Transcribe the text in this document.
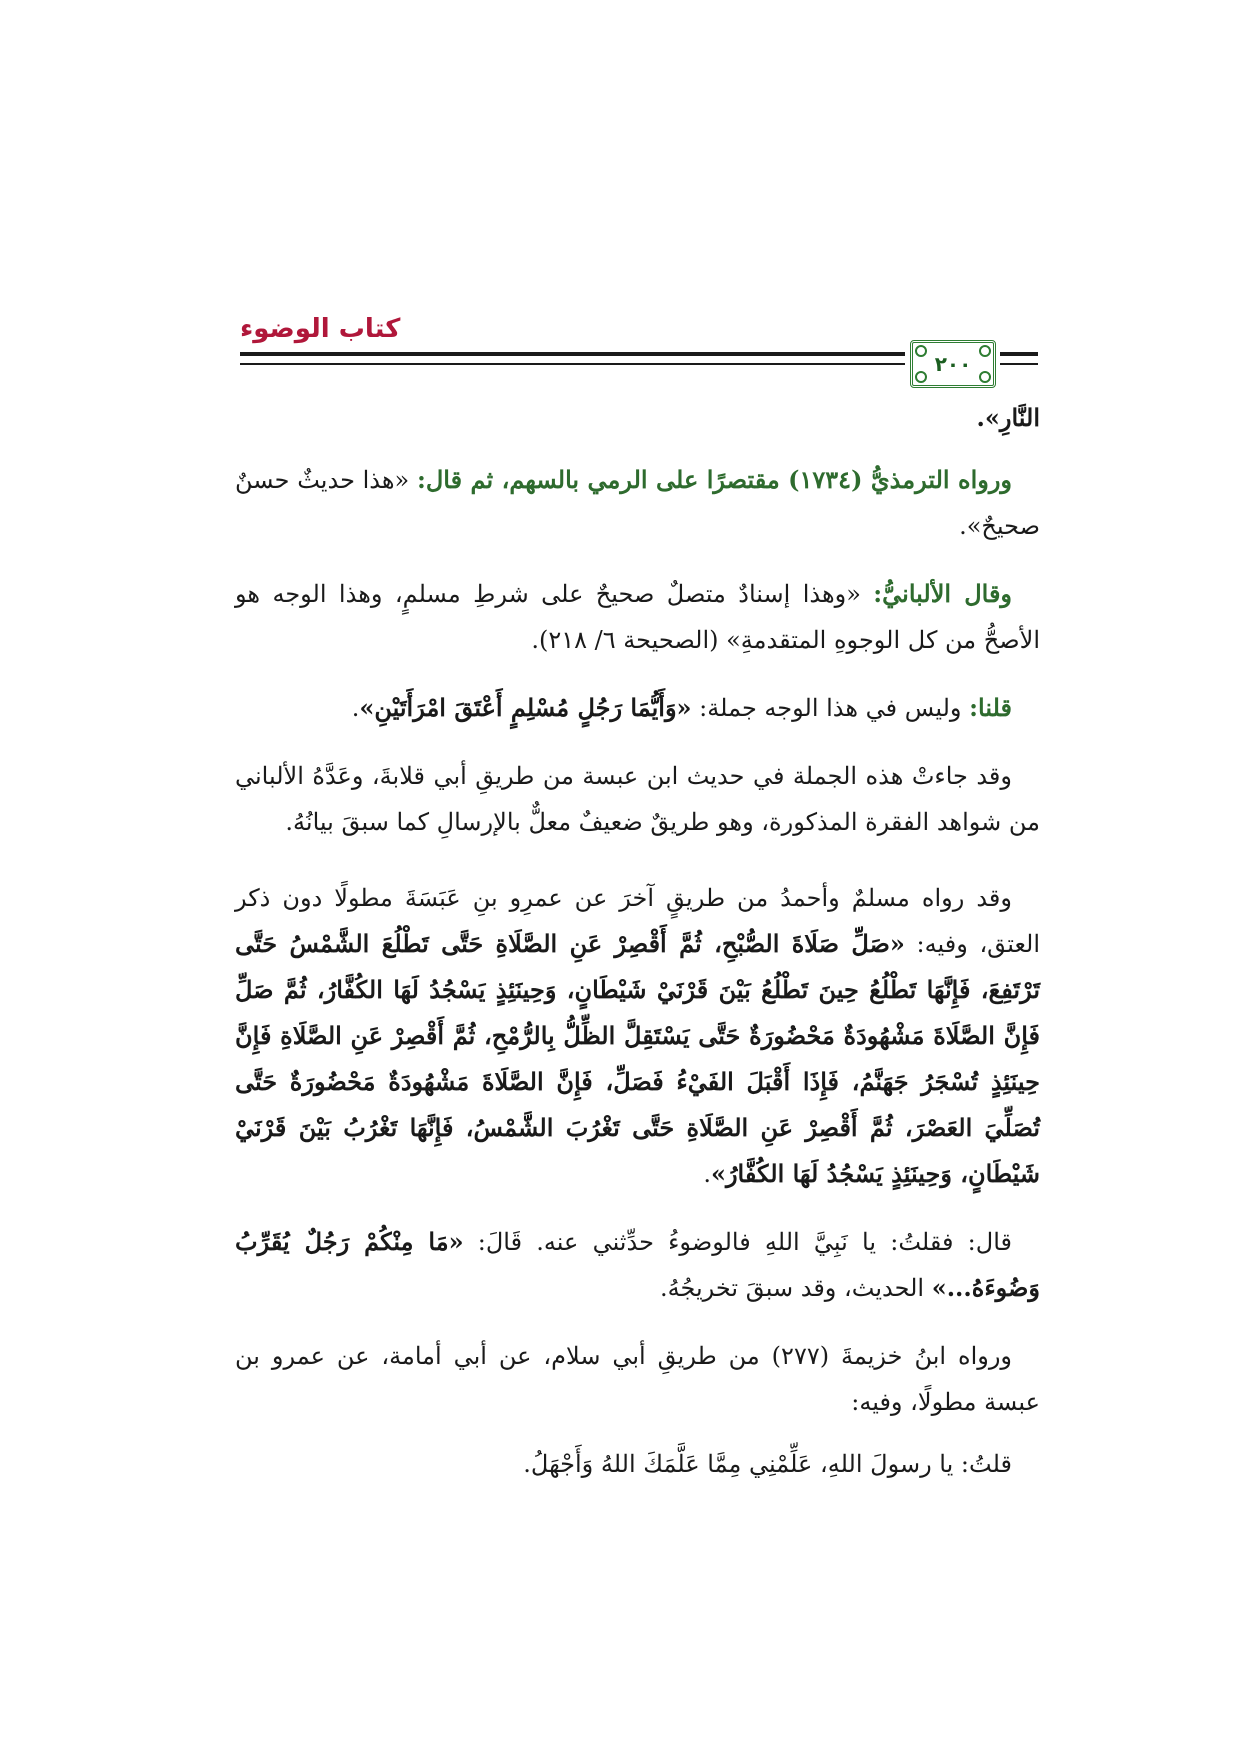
كتاب الوضوء
٢٠٠

النَّارِ».

ورواه الترمذيُّ (١٧٣٤) مقتصرًا على الرمي بالسهم، ثم قال: «هذا حديثٌ حسنٌ صحيحٌ».

وقال الألبانيُّ: «وهذا إسنادٌ متصلٌ صحيحٌ على شرطِ مسلمٍ، وهذا الوجه هو الأصحُّ من كل الوجوهِ المتقدمةِ» (الصحيحة ٦/ ٢١٨).

قلنا: وليس في هذا الوجه جملة: «وَأَيُّمَا رَجُلٍ مُسْلِمٍ أَعْتَقَ امْرَأَتَيْنِ».

وقد جاءتْ هذه الجملة في حديث ابن عبسة من طريقِ أبي قلابةَ، وعَدَّهُ الألباني من شواهد الفقرة المذكورة، وهو طريقٌ ضعيفٌ معلٌّ بالإرسالِ كما سبقَ بيانُهُ.

وقد رواه مسلمٌ وأحمدُ من طريقٍ آخرَ عن عمرِو بنِ عَبَسَةَ مطولًا دون ذكر العتق، وفيه: «صَلِّ صَلَاةَ الصُّبْحِ، ثُمَّ أَقْصِرْ عَنِ الصَّلَاةِ حَتَّى تَطْلُعَ الشَّمْسُ حَتَّى تَرْتَفِعَ، فَإِنَّهَا تَطْلُعُ حِينَ تَطْلُعُ بَيْنَ قَرْنَيْ شَيْطَانٍ، وَحِينَئِذٍ يَسْجُدُ لَهَا الكُفَّارُ، ثُمَّ صَلِّ فَإِنَّ الصَّلَاةَ مَشْهُودَةٌ مَحْضُورَةٌ حَتَّى يَسْتَقِلَّ الظِّلُّ بِالرُّمْحِ، ثُمَّ أَقْصِرْ عَنِ الصَّلَاةِ فَإِنَّ حِينَئِذٍ تُسْجَرُ جَهَنَّمُ، فَإِذَا أَقْبَلَ الفَيْءُ فَصَلِّ، فَإِنَّ الصَّلَاةَ مَشْهُودَةٌ مَحْضُورَةٌ حَتَّى تُصَلِّيَ العَصْرَ، ثُمَّ أَقْصِرْ عَنِ الصَّلَاةِ حَتَّى تَغْرُبَ الشَّمْسُ، فَإِنَّهَا تَغْرُبُ بَيْنَ قَرْنَيْ شَيْطَانٍ، وَحِينَئِذٍ يَسْجُدُ لَهَا الكُفَّارُ».

قال: فقلتُ: يا نَبِيَّ اللهِ فالوضوءُ حدِّثني عنه. قَالَ: «مَا مِنْكُمْ رَجُلٌ يُقَرِّبُ وَضُوءَهُ...» الحديث، وقد سبقَ تخريجُهُ.

ورواه ابنُ خزيمةَ (٢٧٧) من طريقِ أبي سلام، عن أبي أمامة، عن عمرو بن عبسة مطولًا، وفيه:

قلتُ: يا رسولَ اللهِ، عَلِّمْنِي مِمَّا عَلَّمَكَ اللهُ وَأَجْهَلُ.
